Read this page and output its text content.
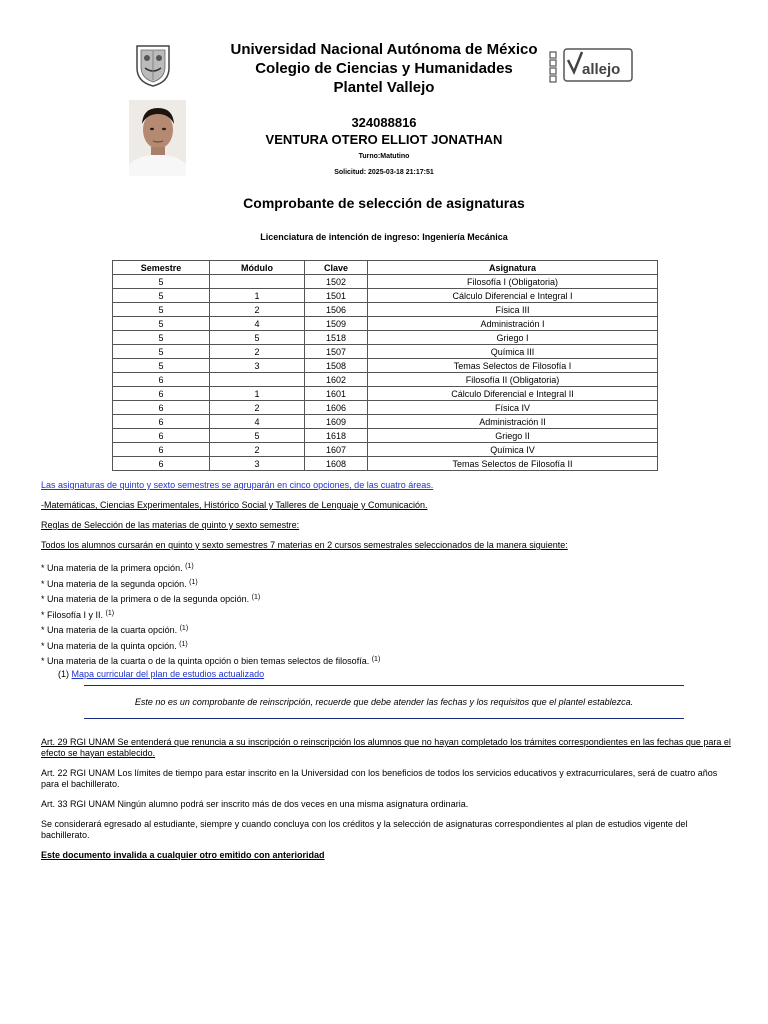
Universidad Nacional Autónoma de México
Colegio de Ciencias y Humanidades
Plantel Vallejo
allejo
324088816
VENTURA OTERO ELLIOT JONATHAN
Turno:Matutino
Solicitud: 2025-03-18 21:17:51
Comprobante de selección de asignaturas
Licenciatura de intención de ingreso: Ingeniería Mecánica
Semestre	Módulo	Clave	Asignatura
5		1502	Filosofía I (Obligatoria)
5	1	1501	Cálculo Diferencial e Integral I
5	2	1506	Física III
5	4	1509	Administración I
5	5	1518	Griego I
5	2	1507	Química III
5	3	1508	Temas Selectos de Filosofía I
6		1602	Filosofía II (Obligatoria)
6	1	1601	Cálculo Diferencial e Integral II
6	2	1606	Física IV
6	4	1609	Administración II
6	5	1618	Griego II
6	2	1607	Química IV
6	3	1608	Temas Selectos de Filosofía II

Las asignaturas de quinto y sexto semestres se agruparán en cinco opciones, de las cuatro áreas.

-Matemáticas, Ciencias Experimentales, Histórico Social y Talleres de Lenguaje y Comunicación.

Reglas de Selección de las materias de quinto y sexto semestre:

Todos los alumnos cursarán en quinto y sexto semestres 7 materias en 2 cursos semestrales seleccionados de la manera siguiente:

* Una materia de la primera opción. $^{(1)}$
* Una materia de la segunda opción. $^{(1)}$
* Una materia de la primera o de la segunda opción. $^{(1)}$
* Filosofía I y II. $^{(1)}$
* Una materia de la cuarta opción. $^{(1)}$
* Una materia de la quinta opción. $^{(1)}$
* Una materia de la cuarta o de la quinta opción o bien temas selectos de filosofía. $^{(1)}$
(1) Mapa curricular del plan de estudios actualizado
Este no es un comprobante de reinscripción, recuerde que debe atender las fechas y los requisitos que el plantel establezca.

Art. 29 RGI UNAM Se entenderá que renuncia a su inscripción o reinscripción los alumnos que no hayan completado los trámites correspondientes en las fechas que para el efecto se hayan establecido.

Art. 22 RGI UNAM Los límites de tiempo para estar inscrito en la Universidad con los beneficios de todos los servicios educativos y extracurriculares, será de cuatro años para el bachillerato.

Art. 33 RGI UNAM Ningún alumno podrá ser inscrito más de dos veces en una misma asignatura ordinaria.

Se considerará egresado al estudiante, siempre y cuando concluya con los créditos y la selección de asignaturas correspondientes al plan de estudios vigente del bachillerato.

Este documento invalida a cualquier otro emitido con anterioridad
